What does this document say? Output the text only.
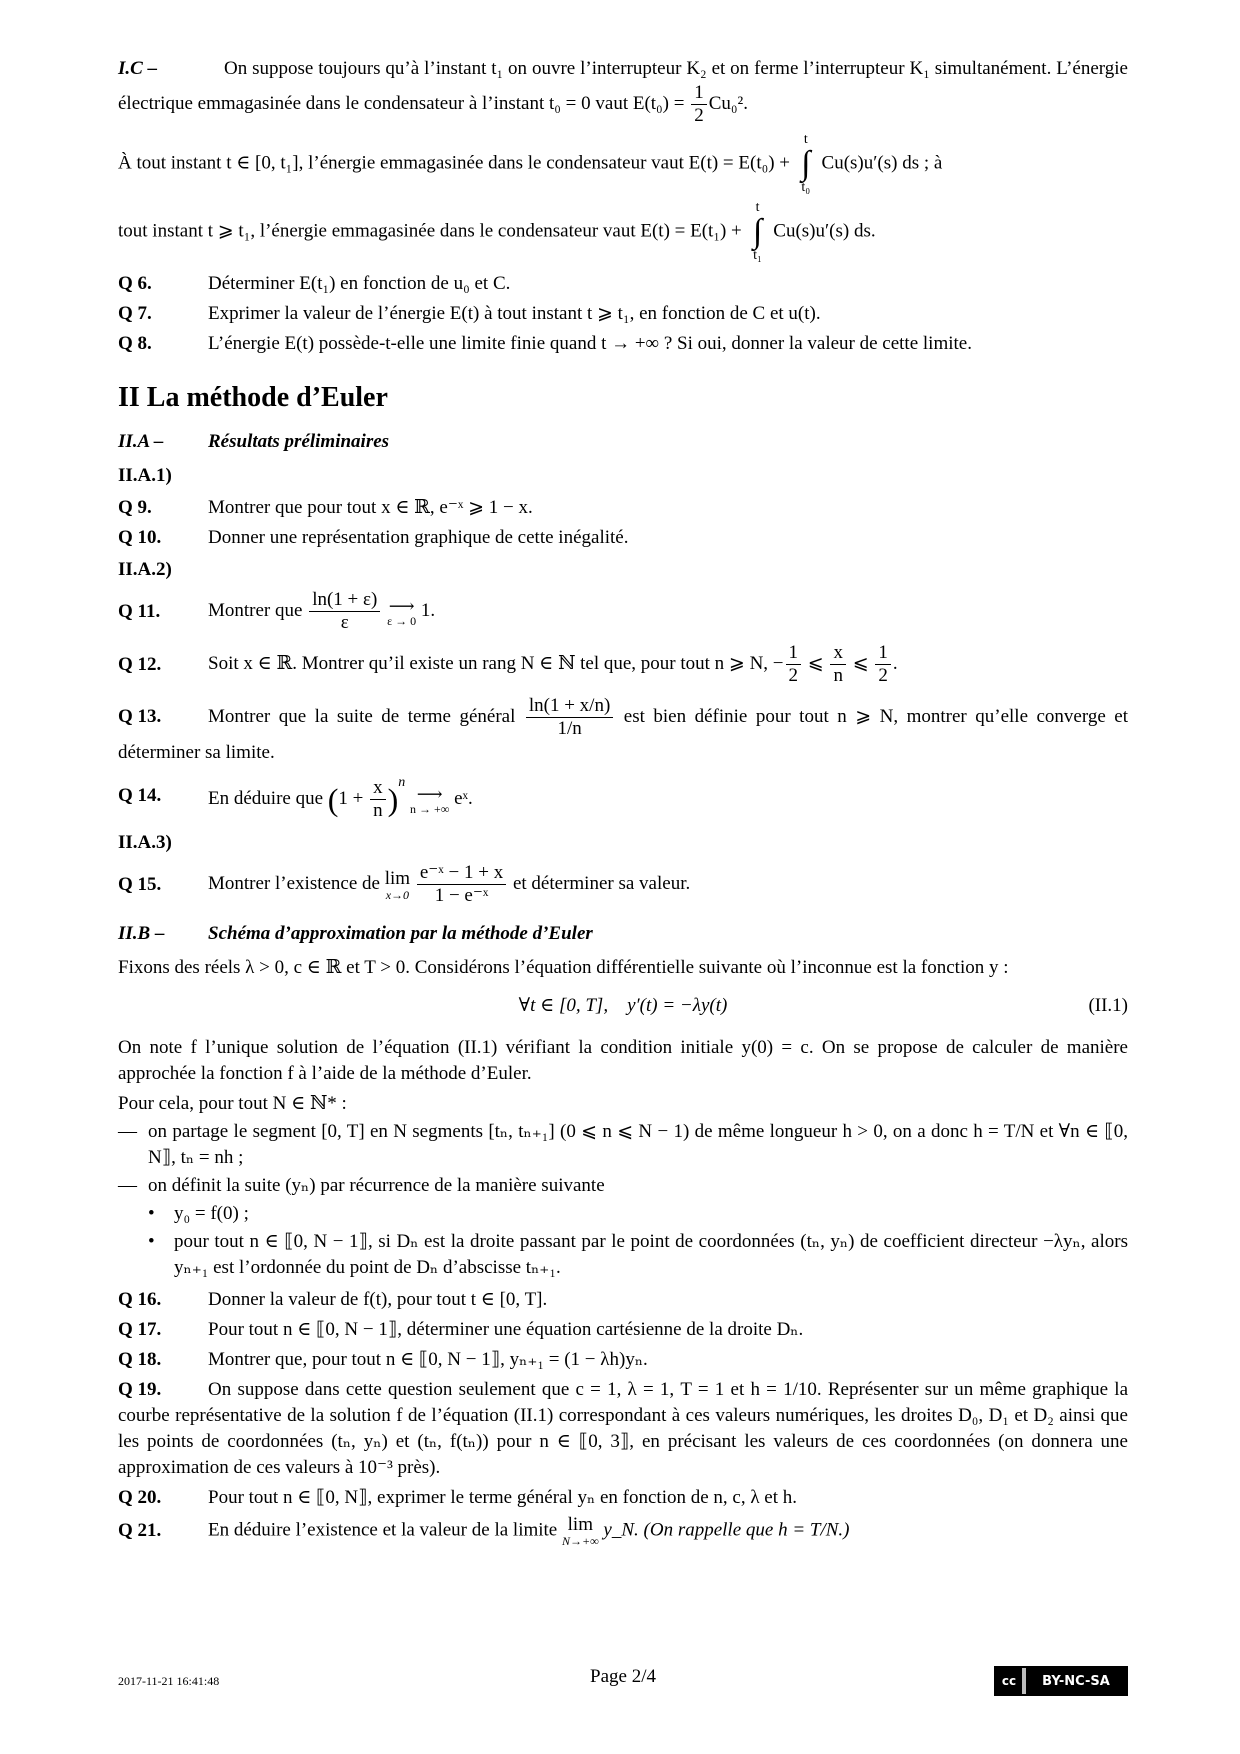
I.C –	On suppose toujours qu’à l’instant t₁ on ouvre l’interrupteur K₂ et on ferme l’interrupteur K₁ simultanément. L’énergie électrique emmagasinée dans le condensateur à l’instant t₀ = 0 vaut $E(t_0) = \frac{1}{2} Cu_0^2$.

À tout instant t ∈ [0, t₁], l’énergie emmagasinée dans le condensateur vaut E(t) = E(t₀) + t
∫
t₀ Cu(s)u′(s) ds ; à

tout instant t ⩾ t₁, l’énergie emmagasinée dans le condensateur vaut E(t) = E(t₁) + t
∫
t₁ Cu(s)u′(s) ds.

Q 6.	Déterminer E(t₁) en fonction de u₀ et C.
Q 7.	Exprimer la valeur de l’énergie E(t) à tout instant t ⩾ t₁, en fonction de C et u(t).
Q 8.	L’énergie E(t) possède-t-elle une limite finie quand t → +∞ ? Si oui, donner la valeur de cette limite.
II La méthode d’Euler
II.A – Résultats préliminaires
II.A.1)
Q 9.	Montrer que pour tout x ∈ ℝ, e⁻ˣ ⩾ 1 − x.
Q 10.	Donner une représentation graphique de cette inégalité.
II.A.2)
Q 11.	Montrer que $\frac{\ln(1 + \varepsilon)}{\varepsilon}$
⟶
ε → 0 1.
Q 12.	Soit x ∈ ℝ. Montrer qu’il existe un rang N ∈ ℕ tel que, pour tout n ⩾ N, − $\frac{1}{2}$ ⩽ $\frac{x}{n}$ ⩽ $\frac{1}{2}$ .
Q 13. Montrer que la suite de terme général $\frac{\ln(1 + x/n)}{1/n}$ est bien définie pour tout n ⩾ N, montrer qu’elle converge et déterminer sa limite.
Q 14.	En déduire que $(1 + \frac{x}{n} )^n$
⟶
n → +∞ eˣ.
II.A.3)
Q 15.	Montrer l’existence de lim
x→0
$\frac{\text{e⁻ˣ − 1 + x}}{\text{1 − e⁻ˣ}}$ et déterminer sa valeur.
II.B – Schéma d’approximation par la méthode d’Euler

Fixons des réels λ > 0, c ∈ ℝ et T > 0. Considérons l’équation différentielle suivante où l’inconnue est la fonction y :

∀t ∈ [0, T],    y′(t) = −λy(t)	(II.1)

On note f l’unique solution de l’équation (II.1) vérifiant la condition initiale y(0) = c. On se propose de calculer de manière approchée la fonction f à l’aide de la méthode d’Euler.

Pour cela, pour tout N ∈ ℕ* :

— on partage le segment [0, T] en N segments [tₙ, tₙ₊₁] (0 ⩽ n ⩽ N − 1) de même longueur h > 0, on a donc h = T/N et ∀n ∈ ⟦0, N⟧, tₙ = nh ;
— on définit la suite (yₙ) par récurrence de la manière suivante
•	y₀ = f(0) ;
•	pour tout n ∈ ⟦0, N − 1⟧, si Dₙ est la droite passant par le point de coordonnées (tₙ, yₙ) de coefficient directeur −λyₙ, alors yₙ₊₁ est l’ordonnée du point de Dₙ d’abscisse tₙ₊₁.
Q 16.	Donner la valeur de f(t), pour tout t ∈ [0, T].
Q 17.	Pour tout n ∈ ⟦0, N − 1⟧, déterminer une équation cartésienne de la droite Dₙ.
Q 18.	Montrer que, pour tout n ∈ ⟦0, N − 1⟧, yₙ₊₁ = (1 − λh)yₙ.
Q 19. On suppose dans cette question seulement que c = 1, λ = 1, T = 1 et h = 1/10. Représenter sur un même graphique la courbe représentative de la solution f de l’équation (II.1) correspondant à ces valeurs numériques, les droites D₀, D₁ et D₂ ainsi que les points de coordonnées (tₙ, yₙ) et (tₙ, f(tₙ)) pour n ∈ ⟦0, 3⟧, en précisant les valeurs de ces coordonnées (on donnera une approximation de ces valeurs à 10⁻³ près).
Q 20.	Pour tout n ∈ ⟦0, N⟧, exprimer le terme général yₙ en fonction de n, c, λ et h.
Q 21.	En déduire l’existence et la valeur de la limite lim
N→+∞
y_N. (On rappelle que h = T/N.)
2017-11-21 16:41:48	Page 2/4	cc	BY-NC-SA
